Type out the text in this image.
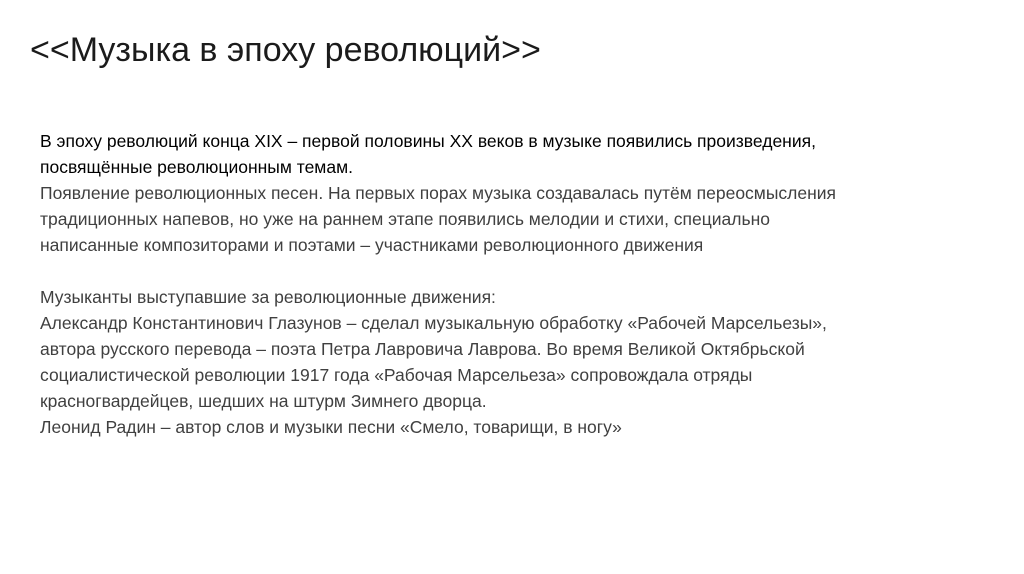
<<Музыка в эпоху революций>>
В эпоху революций конца XIX – первой половины XX веков в музыке появились произведения,
посвящённые революционным темам.
Появление революционных песен. На первых порах музыка создавалась путём переосмысления
традиционных напевов, но уже на раннем этапе появились мелодии и стихи, специально
написанные композиторами и поэтами – участниками революционного движения
Музыканты выступавшие за революционные движения:
Александр Константинович Глазунов – сделал музыкальную обработку «Рабочей Марсельезы»,
автора русского перевода – поэта Петра Лавровича Лаврова. Во время Великой Октябрьской
социалистической революции 1917 года «Рабочая Марсельеза» сопровождала отряды
красногвардейцев, шедших на штурм Зимнего дворца.
Леонид Радин – автор слов и музыки песни «Смело, товарищи, в ногу»
